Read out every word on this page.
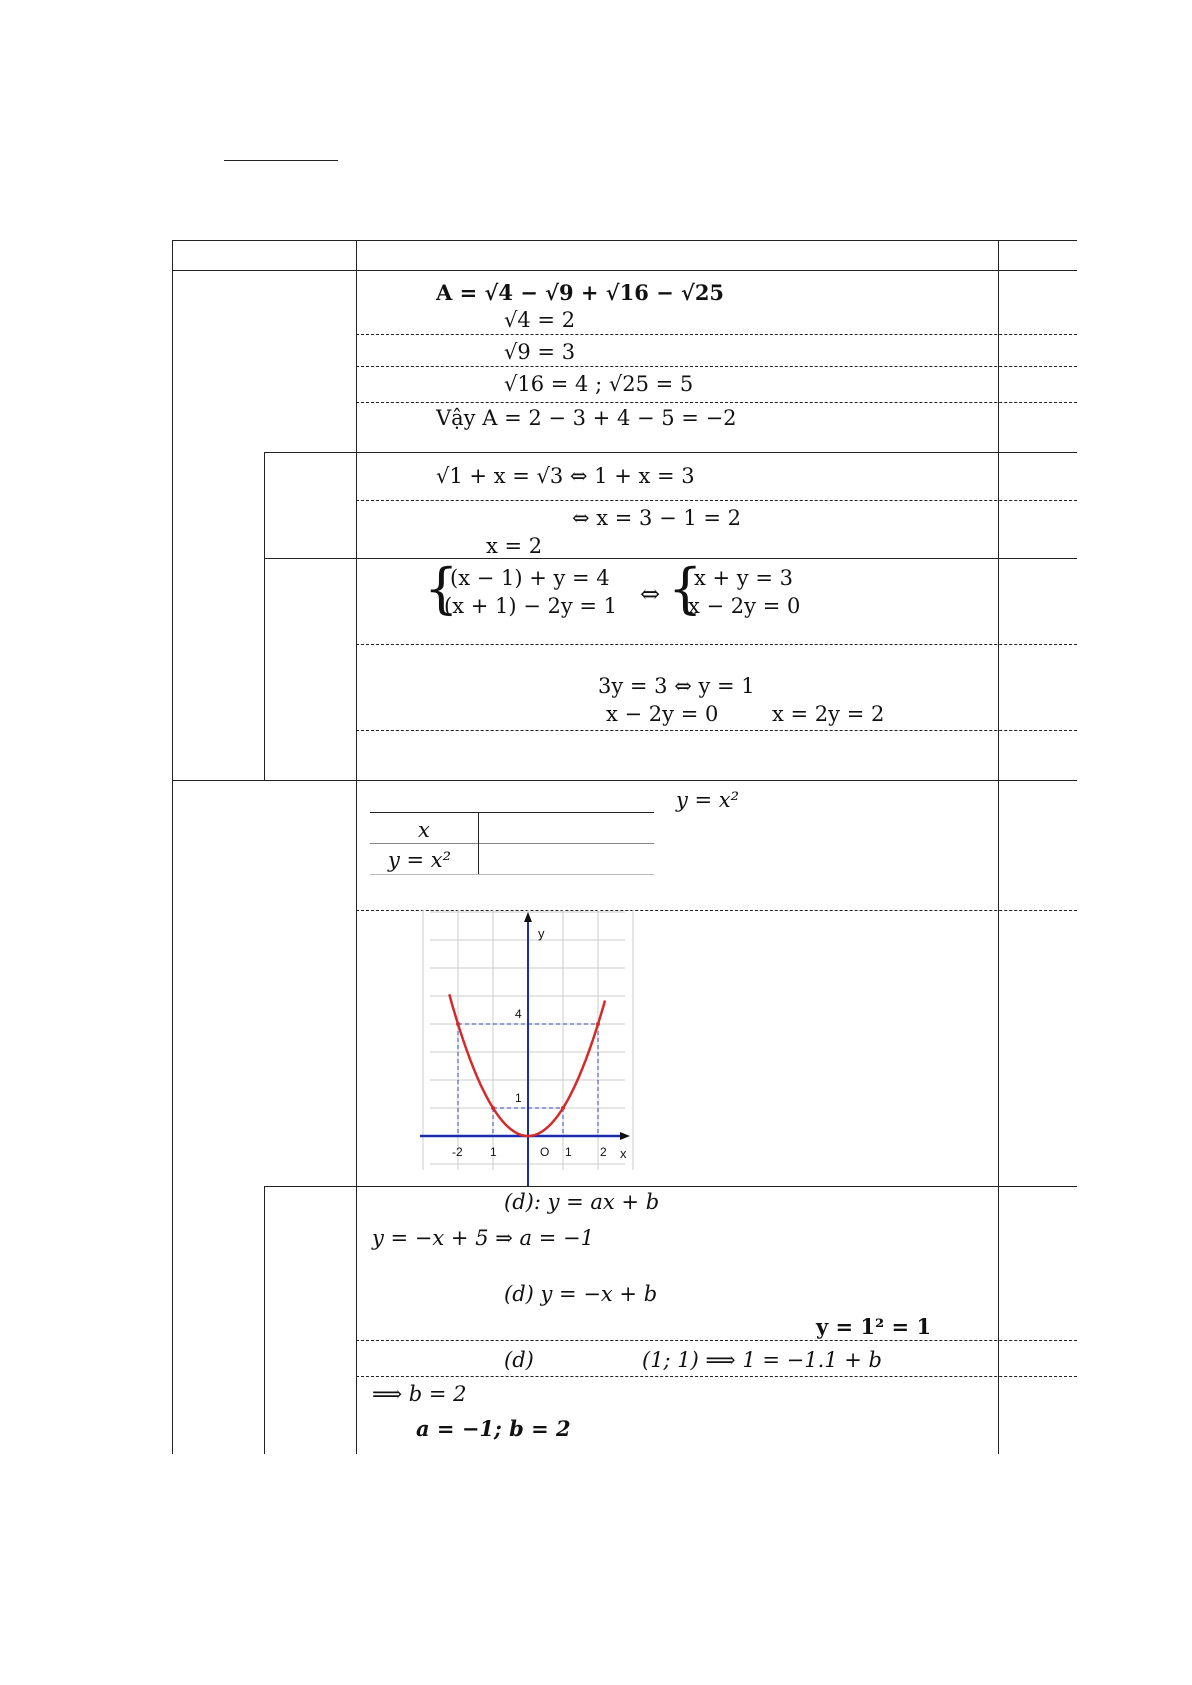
A = √4 − √9 + √16 − √25
√4 = 2
√9 = 3
√16 = 4 ; √25 = 5
Vậy A = 2 − 3 + 4 − 5 = −2
√1 + x = √3 ⇔ 1 + x = 3
⇔ x = 3 − 1 = 2
x = 2
{
(x − 1) + y = 4
(x + 1) − 2y = 1 ⇔ {
x + y = 3
x − 2y = 0
3y = 3 ⇔ y = 1
x − 2y = 0	x = 2y = 2
y = x²
x
y = x²
y
x
4
1
-2 1	O 1 2
(d): y = ax + b
y = −x + 5 ⇒ a = −1
(d) y = −x + b
y = 1² = 1
(d)	(1; 1) ⟹ 1 = −1.1 + b
⟹ b = 2
a = −1; b = 2
